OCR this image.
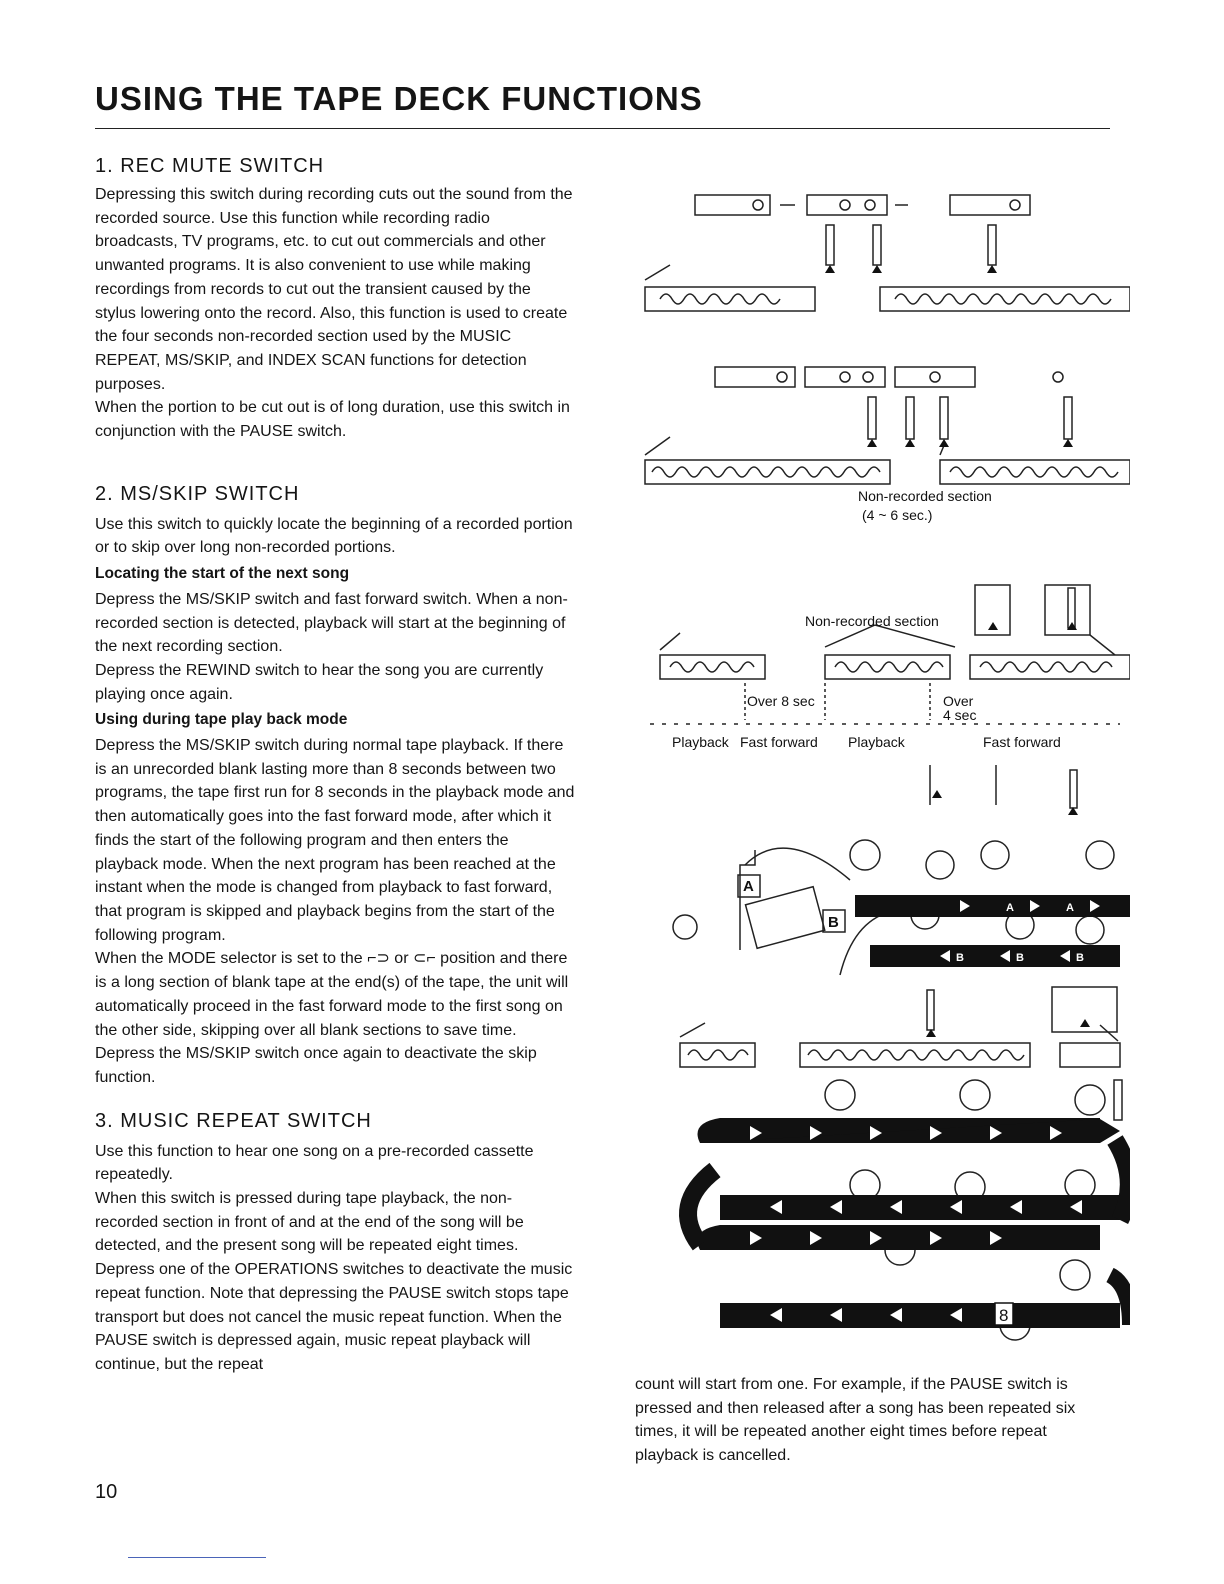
USING THE TAPE DECK FUNCTIONS
1. REC MUTE SWITCH

Depressing this switch during recording cuts out the sound from the recorded source. Use this function while recording radio broadcasts, TV programs, etc. to cut out commercials and other unwanted programs. It is also convenient to use while making recordings from records to cut out the transient caused by the stylus lowering onto the record. Also, this function is used to create the four seconds non-recorded section used by the MUSIC REPEAT, MS/SKIP, and INDEX SCAN functions for detection purposes.

When the portion to be cut out is of long duration, use this switch in conjunction with the PAUSE switch.

2. MS/SKIP SWITCH

Use this switch to quickly locate the beginning of a recorded portion or to skip over long non-recorded portions.

Locating the start of the next song

Depress the MS/SKIP switch and fast forward switch. When a non-recorded section is detected, playback will start at the beginning of the next recording section.

Depress the REWIND switch to hear the song you are currently playing once again.

Using during tape play back mode

Depress the MS/SKIP switch during normal tape playback. If there is an unrecorded blank lasting more than 8 seconds between two programs, the tape first run for 8 seconds in the playback mode and then automatically goes into the fast forward mode, after which it finds the start of the following program and then enters the playback mode. When the next program has been reached at the instant when the mode is changed from playback to fast forward, that program is skipped and playback begins from the start of the following program.

When the MODE selector is set to the ⌐⊃ or ⊂⌐ position and there is a long section of blank tape at the end(s) of the tape, the unit will automatically proceed in the fast forward mode to the first song on the other side, skipping over all blank sections to save time.

Depress the MS/SKIP switch once again to deactivate the skip function.

3. MUSIC REPEAT SWITCH

Use this function to hear one song on a pre-recorded cassette repeatedly.

When this switch is pressed during tape playback, the non-recorded section in front of and at the end of the song will be detected, and the present song will be repeated eight times.

Depress one of the OPERATIONS switches to deactivate the music repeat function. Note that depressing the PAUSE switch stops tape transport but does not cancel the music repeat function. When the PAUSE switch is depressed again, music repeat playback will continue, but the repeat

count will start from one. For example, if the PAUSE switch is pressed and then released after a song has been repeated six times, it will be repeated another eight times before repeat playback is cancelled.

Non-recorded section
(4 ~ 6 sec.)
Non-recorded section
Over 8 sec	Over
4 sec
Playback Fast forward Playback	Fast forward
A
B
8
A	A
B	B	B
10
